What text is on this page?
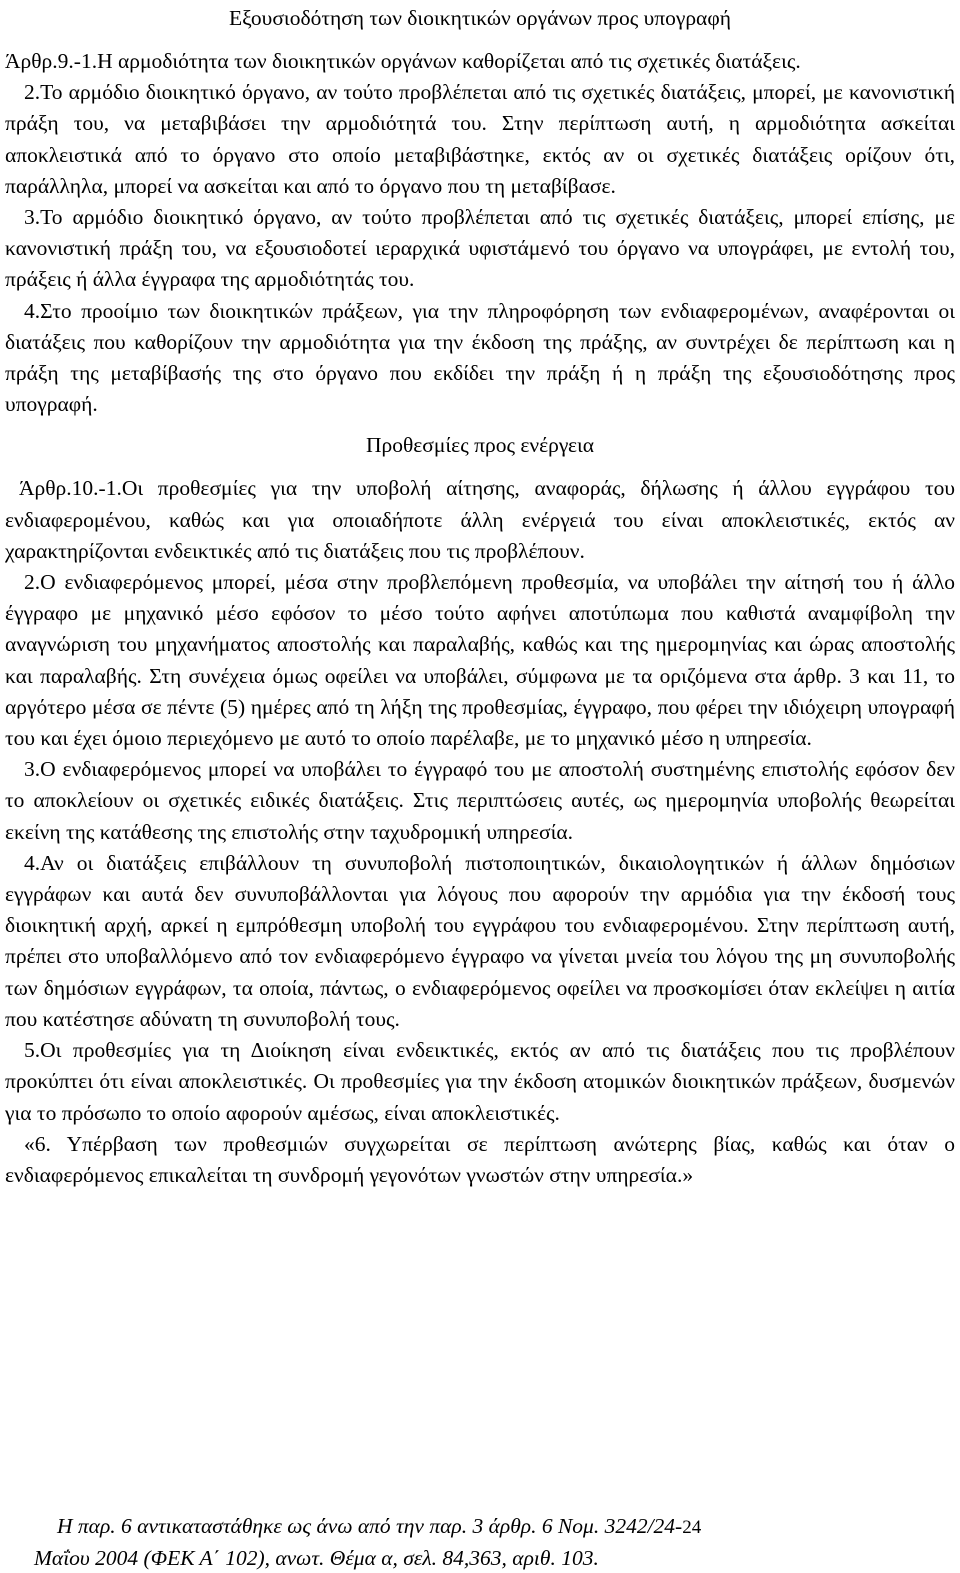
Εξουσιοδότηση των διοικητικών οργάνων προς υπογραφή

Άρθρ.9.-1.Η αρμοδιότητα των διοικητικών οργάνων καθορίζεται από τις σχετικές διατάξεις.

2.Το αρμόδιο διοικητικό όργανο, αν τούτο προβλέπεται από τις σχετικές διατάξεις, μπορεί, με κανονιστική πράξη του, να μεταβιβάσει την αρμοδιότητά του. Στην περίπτωση αυτή, η αρμοδιότητα ασκείται αποκλειστικά από το όργανο στο οποίο μεταβιβάστηκε, εκτός αν οι σχετικές διατάξεις ορίζουν ότι, παράλληλα, μπορεί να ασκείται και από το όργανο που τη μεταβίβασε.

3.Το αρμόδιο διοικητικό όργανο, αν τούτο προβλέπεται από τις σχετικές διατάξεις, μπορεί επίσης, με κανονιστική πράξη του, να εξουσιοδοτεί ιεραρχικά υφιστάμενό του όργανο να υπογράφει, με εντολή του, πράξεις ή άλλα έγγραφα της αρμοδιότητάς του.

4.Στο προοίμιο των διοικητικών πράξεων, για την πληροφόρηση των ενδιαφερομένων, αναφέρονται οι διατάξεις που καθορίζουν την αρμοδιότητα για την έκδοση της πράξης, αν συντρέχει δε περίπτωση και η πράξη της μεταβίβασής της στο όργανο που εκδίδει την πράξη ή η πράξη της εξουσιοδότησης προς υπογραφή.

Προθεσμίες προς ενέργεια

Άρθρ.10.-1.Οι προθεσμίες για την υποβολή αίτησης, αναφοράς, δήλωσης ή άλλου εγγράφου του ενδιαφερομένου, καθώς και για οποιαδήποτε άλλη ενέργειά του είναι αποκλειστικές, εκτός αν χαρακτηρίζονται ενδεικτικές από τις διατάξεις που τις προβλέπουν.

2.Ο ενδιαφερόμενος μπορεί, μέσα στην προβλεπόμενη προθεσμία, να υποβάλει την αίτησή του ή άλλο έγγραφο με μηχανικό μέσο εφόσον το μέσο τούτο αφήνει αποτύπωμα που καθιστά αναμφίβολη την αναγνώριση του μηχανήματος αποστολής και παραλαβής, καθώς και της ημερομηνίας και ώρας αποστολής και παραλαβής. Στη συνέχεια όμως οφείλει να υποβάλει, σύμφωνα με τα οριζόμενα στα άρθρ. 3 και 11, το αργότερο μέσα σε πέντε (5) ημέρες από τη λήξη της προθεσμίας, έγγραφο, που φέρει την ιδιόχειρη υπογραφή του και έχει όμοιο περιεχόμενο με αυτό το οποίο παρέλαβε, με το μηχανικό μέσο η υπηρεσία.

3.Ο ενδιαφερόμενος μπορεί να υποβάλει το έγγραφό του με αποστολή συστημένης επιστολής εφόσον δεν το αποκλείουν οι σχετικές ειδικές διατάξεις. Στις περιπτώσεις αυτές, ως ημερομηνία υποβολής θεωρείται εκείνη της κατάθεσης της επιστολής στην ταχυδρομική υπηρεσία.

4.Αν οι διατάξεις επιβάλλουν τη συνυποβολή πιστοποιητικών, δικαιολογητικών ή άλλων δημόσιων εγγράφων και αυτά δεν συνυποβάλλονται για λόγους που αφορούν την αρμόδια για την έκδοσή τους διοικητική αρχή, αρκεί η εμπρόθεσμη υποβολή του εγγράφου του ενδιαφερομένου. Στην περίπτωση αυτή, πρέπει στο υποβαλλόμενο από τον ενδιαφερόμενο έγγραφο να γίνεται μνεία του λόγου της μη συνυποβολής των δημόσιων εγγράφων, τα οποία, πάντως, ο ενδιαφερόμενος οφείλει να προσκομίσει όταν εκλείψει η αιτία που κατέστησε αδύνατη τη συνυποβολή τους.

5.Οι προθεσμίες για τη Διοίκηση είναι ενδεικτικές, εκτός αν από τις διατάξεις που τις προβλέπουν προκύπτει ότι είναι αποκλειστικές. Οι προθεσμίες για την έκδοση ατομικών διοικητικών πράξεων, δυσμενών για το πρόσωπο το οποίο αφορούν αμέσως, είναι αποκλειστικές.

«6. Υπέρβαση των προθεσμιών συγχωρείται σε περίπτωση ανώτερης βίας, καθώς και όταν ο ενδιαφερόμενος επικαλείται τη συνδρομή γεγονότων γνωστών στην υπηρεσία.»

Η παρ. 6 αντικαταστάθηκε ως άνω από την παρ. 3 άρθρ. 6 Νομ. 3242/24-24
Μαΐου 2004 (ΦΕΚ Α΄ 102), ανωτ. Θέμα α, σελ. 84,363, αριθ. 103.
